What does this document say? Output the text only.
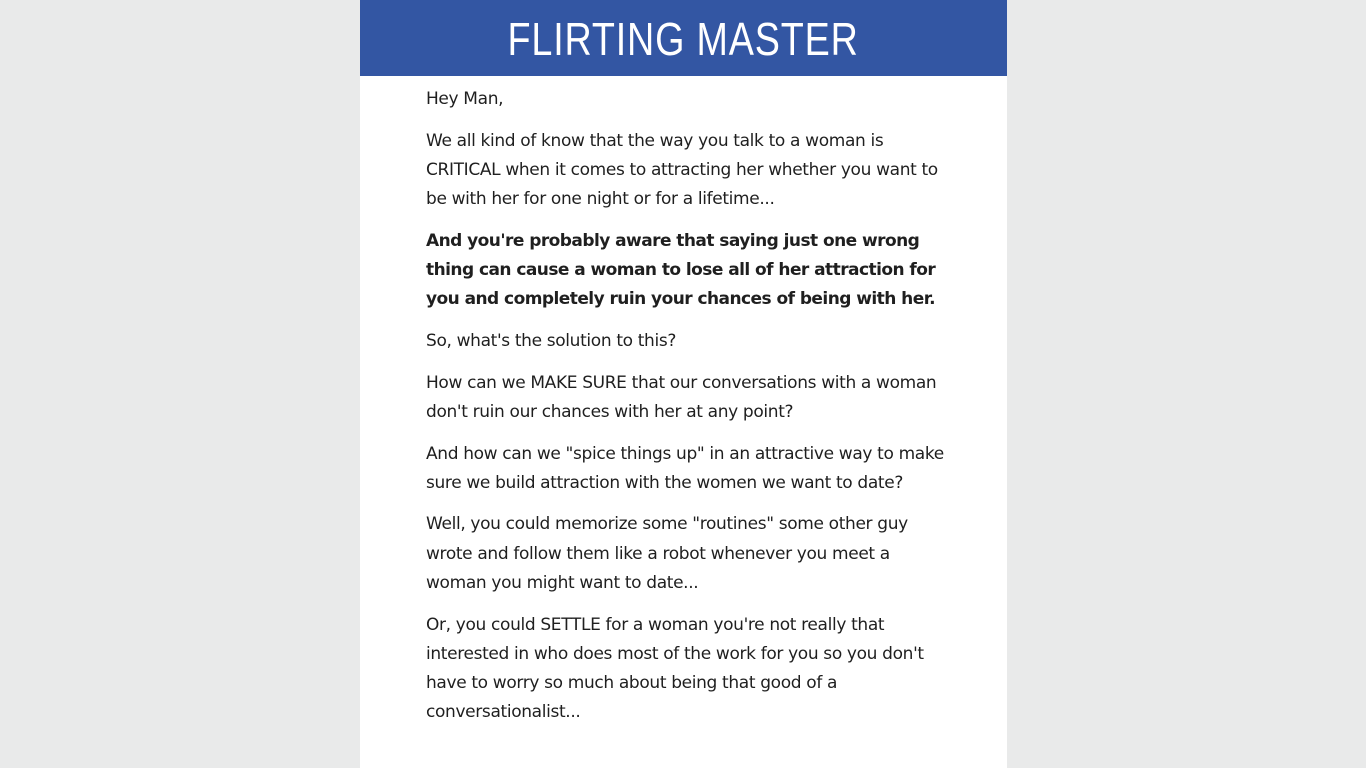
FLIRTING MASTER

Hey Man,

We all kind of know that the way you talk to a woman is CRITICAL when it comes to attracting her whether you want to be with her for one night or for a lifetime...

And you're probably aware that saying just one wrong thing can cause a woman to lose all of her attraction for you and completely ruin your chances of being with her.

So, what's the solution to this?

How can we MAKE SURE that our conversations with a woman don't ruin our chances with her at any point?

And how can we "spice things up" in an attractive way to make sure we build attraction with the women we want to date?

Well, you could memorize some "routines" some other guy wrote and follow them like a robot whenever you meet a woman you might want to date...

Or, you could SETTLE for a woman you're not really that interested in who does most of the work for you so you don't have to worry so much about being that good of a conversationalist...
